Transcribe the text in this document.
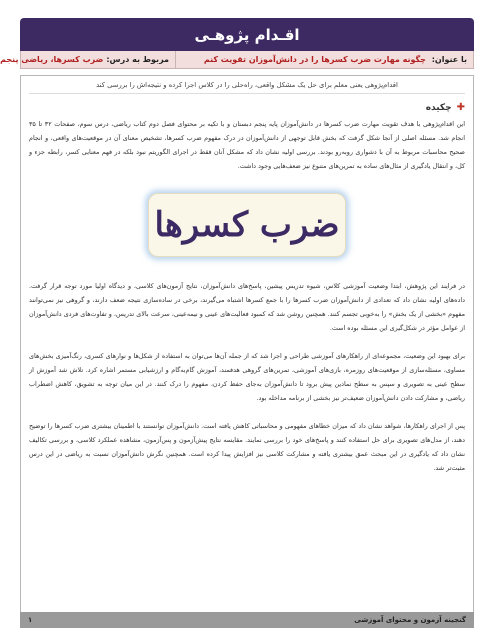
اقـدام پژوهـی
با عنوان: چگونه مهارت ضرب کسرها را در دانش‌آموزان تقویت کنم
مربوط به درس:
ضرب کسرها، ریاضی پنجم
اقدام‌پژوهی یعنی معلم برای حل یک مشکل واقعی، راه‌حلی را در کلاس اجرا کرده و نتیجه‌اش را بررسی کند
✚
چکیده

این اقدام‌پژوهی با هدف تقویت مهارت ضرب کسرها در دانش‌آموزان پایه پنجم دبستان و با تکیه بر محتوای فصل دوم کتاب ریاضی، درس سوم، صفحات ۳۲ تا ۳۵ انجام شد. مسئله اصلی از آنجا شکل گرفت که بخش قابل توجهی از دانش‌آموزان در درک مفهوم ضرب کسرها، تشخیص معنای آن در موقعیت‌های واقعی، و انجام صحیح محاسبات مربوط به آن با دشواری روبه‌رو بودند. بررسی اولیه نشان داد که مشکل آنان فقط در اجرای الگوریتم نبود بلکه در فهم معنایی کسر، رابطه جزء و کل، و انتقال یادگیری از مثال‌های ساده به تمرین‌های متنوع نیز ضعف‌هایی وجود داشت.

ضرب کسرها

در فرایند این پژوهش، ابتدا وضعیت آموزشی کلاس، شیوه تدریس پیشین، پاسخ‌های دانش‌آموزان، نتایج آزمون‌های کلاسی، و دیدگاه اولیا مورد توجه قرار گرفت. داده‌های اولیه نشان داد که تعدادی از دانش‌آموزان ضرب کسرها را با جمع کسرها اشتباه می‌گیرند، برخی در ساده‌سازی نتیجه ضعف دارند، و گروهی نیز نمی‌توانند مفهوم «بخشی از یک بخش» را به‌خوبی تجسم کنند. همچنین روشن شد که کمبود فعالیت‌های عینی و نیمه‌عینی، سرعت بالای تدریس، و تفاوت‌های فردی دانش‌آموزان از عوامل مؤثر در شکل‌گیری این مسئله بوده است.

برای بهبود این وضعیت، مجموعه‌ای از راهکارهای آموزشی طراحی و اجرا شد که از جمله آن‌ها می‌توان به استفاده از شکل‌ها و نوارهای کسری، رنگ‌آمیزی بخش‌های مساوی، مسئله‌سازی از موقعیت‌های روزمره، بازی‌های آموزشی، تمرین‌های گروهی هدفمند، آموزش گام‌به‌گام و ارزشیابی مستمر اشاره کرد. تلاش شد آموزش از سطح عینی به تصویری و سپس به سطح نمادین پیش برود تا دانش‌آموزان به‌جای حفظ کردن، مفهوم را درک کنند. در این میان توجه به تشویق، کاهش اضطراب ریاضی، و مشارکت دادن دانش‌آموزان ضعیف‌تر نیز بخشی از برنامه مداخله بود.

پس از اجرای راهکارها، شواهد نشان داد که میزان خطاهای مفهومی و محاسباتی کاهش یافته است. دانش‌آموزان توانستند با اطمینان بیشتری ضرب کسرها را توضیح دهند، از مدل‌های تصویری برای حل استفاده کنند و پاسخ‌های خود را بررسی نمایند. مقایسه نتایج پیش‌آزمون و پس‌آزمون، مشاهده عملکرد کلاسی، و بررسی تکالیف نشان داد که یادگیری در این مبحث عمق بیشتری یافته و مشارکت کلاسی نیز افزایش پیدا کرده است. همچنین نگرش دانش‌آموزان نسبت به ریاضی در این درس مثبت‌تر شد.

گنجینه آزمون و محتوای آموزشی
۱
